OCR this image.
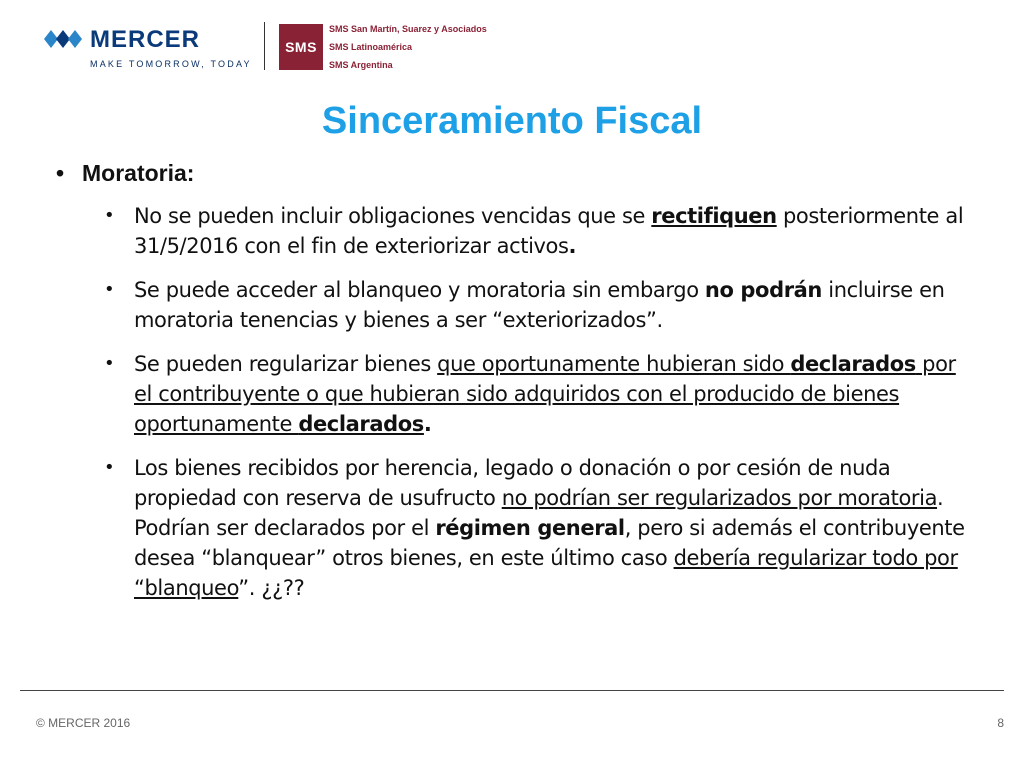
MERCER
MAKE TOMORROW, TODAY
SMS
SMS San Martín, Suarez y Asociados
SMS Latinoamérica
SMS Argentina
Sinceramiento Fiscal
• Moratoria:
• No se pueden incluir obligaciones vencidas que se rectifiquen posteriormente al 31/5/2016 con el fin de exteriorizar activos.
• Se puede acceder al blanqueo y moratoria sin embargo no podrán incluirse en moratoria tenencias y bienes a ser “exteriorizados”.
• Se pueden regularizar bienes que oportunamente hubieran sido declarados por el contribuyente o que hubieran sido adquiridos con el producido de bienes oportunamente declarados.
• Los bienes recibidos por herencia, legado o donación o por cesión de nuda propiedad con reserva de usufructo no podrían ser regularizados por moratoria. Podrían ser declarados por el régimen general, pero si además el contribuyente desea “blanquear” otros bienes, en este último caso debería regularizar todo por “blanqueo”. ¿¿??
© MERCER 2016	8
